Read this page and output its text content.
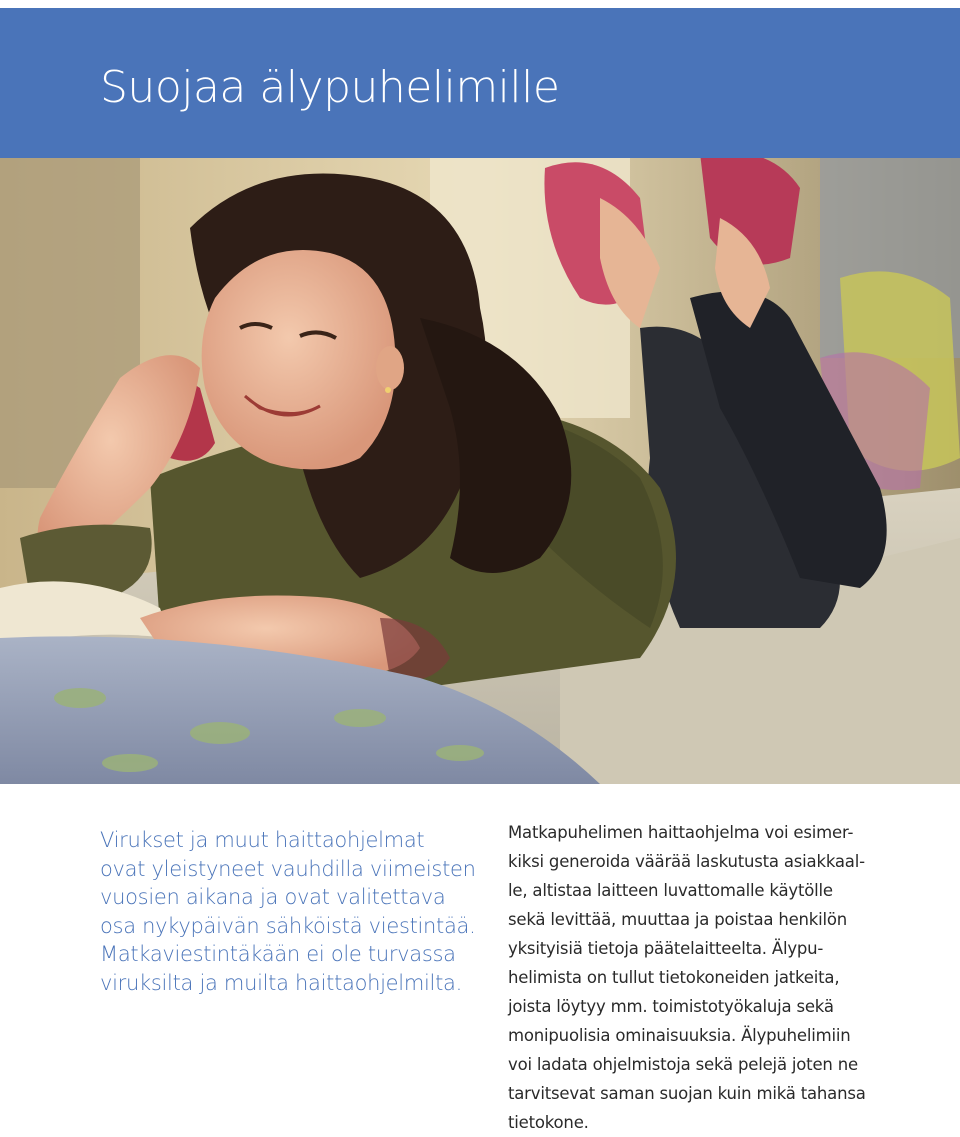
Suojaa älypuhelimille

Virukset ja muut haittaohjelmat
ovat yleistyneet vauhdilla viimeisten
vuosien aikana ja ovat valitettava
osa nykypäivän sähköistä viestintää.
Matkaviestintäkään ei ole turvassa
viruksilta ja muilta haittaohjelmilta.

Matkapuhelimen haittaohjelma voi esimer-
kiksi generoida väärää laskutusta asiakkaal-
le, altistaa laitteen luvattomalle käytölle
sekä levittää, muuttaa ja poistaa henkilön
yksityisiä tietoja päätelaitteelta. Älypu-
helimista on tullut tietokoneiden jatkeita,
joista löytyy mm. toimistotyökaluja sekä
monipuolisia ominaisuuksia. Älypuhelimiin
voi ladata ohjelmistoja sekä pelejä joten ne
tarvitsevat saman suojan kuin mikä tahansa
tietokone.
